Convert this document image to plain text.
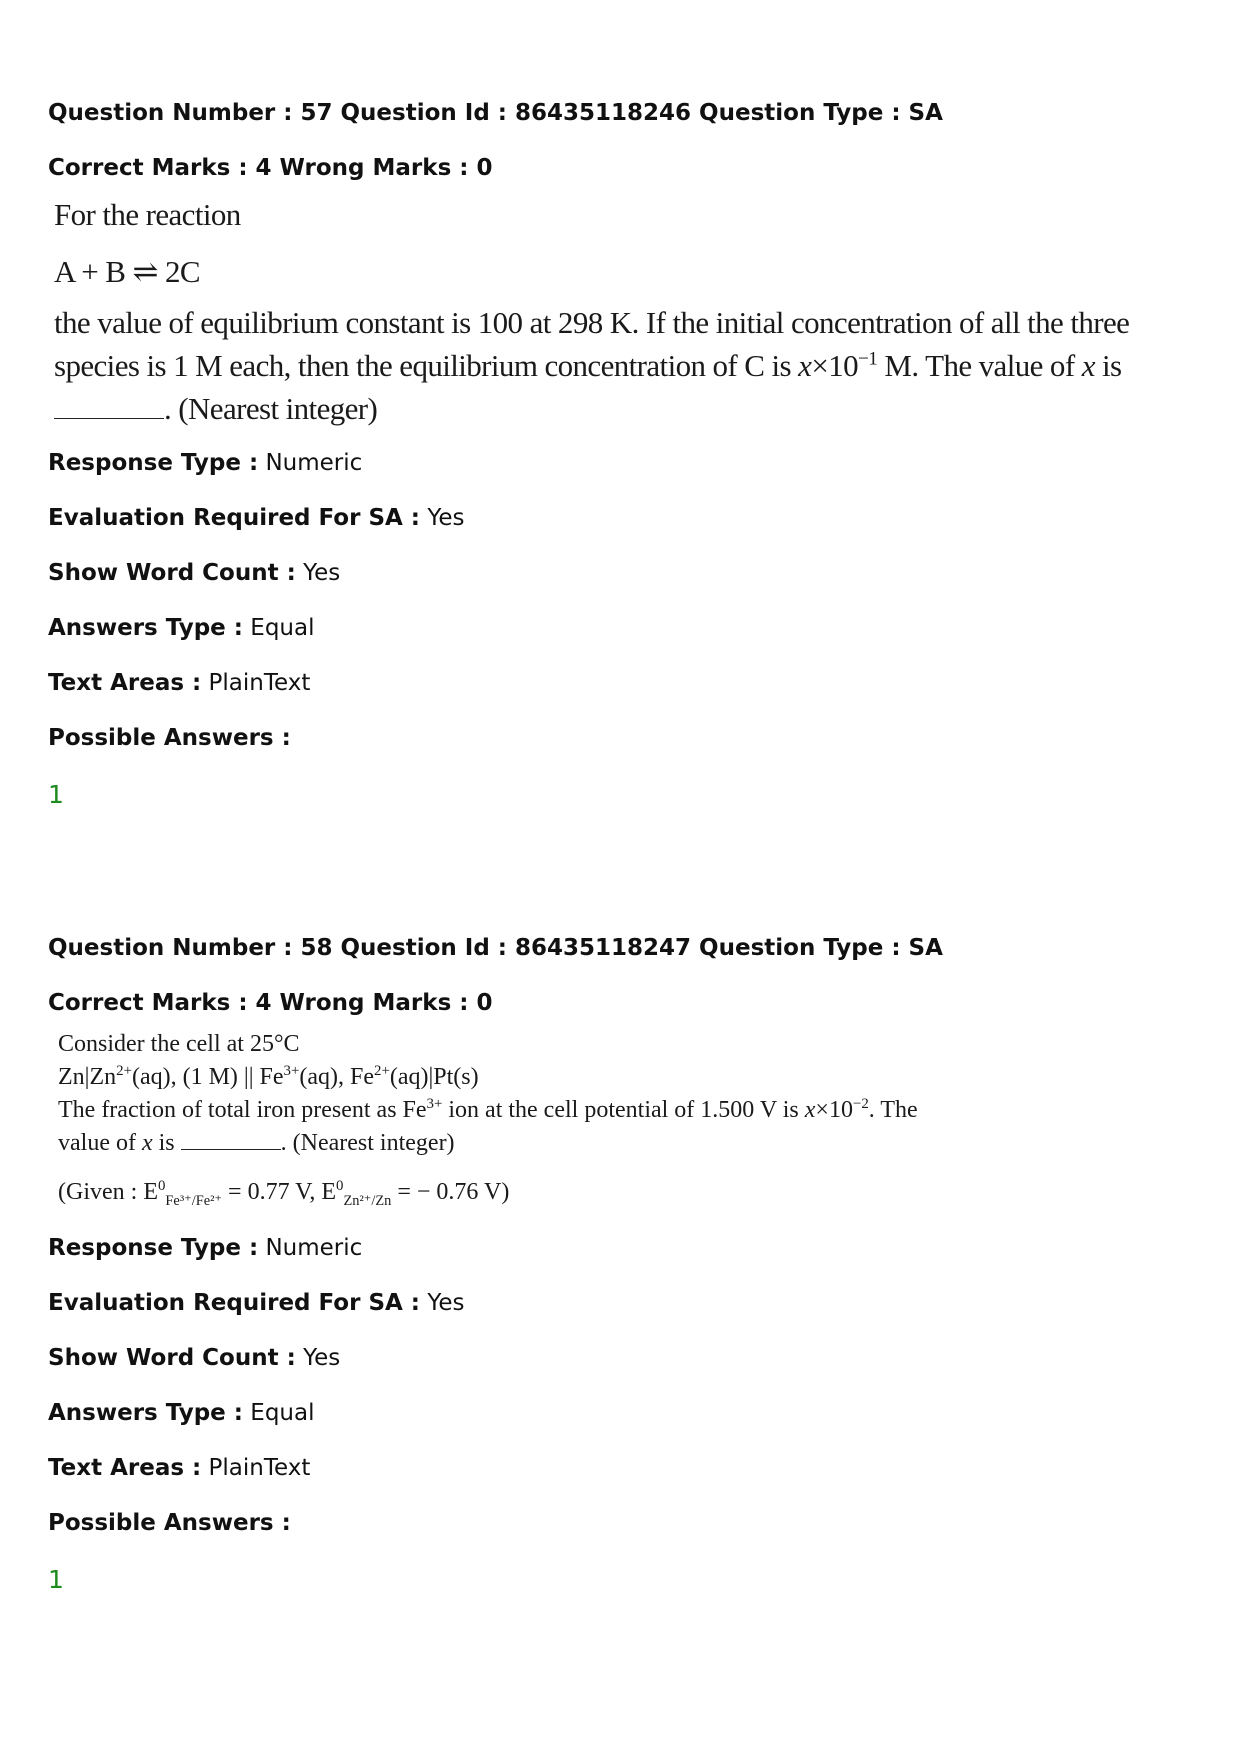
Question Number : 57 Question Id : 86435118246 Question Type : SA
Correct Marks : 4 Wrong Marks : 0
For the reaction
A + B ⇌ 2C
the value of equilibrium constant is 100 at 298 K. If the initial concentration of all the three
species is 1 M each, then the equilibrium concentration of C is $x\times 10^{-1}$ M. The value of x is
. (Nearest integer)
Response Type : Numeric
Evaluation Required For SA : Yes
Show Word Count : Yes
Answers Type : Equal
Text Areas : PlainText
Possible Answers :
1
Question Number : 58 Question Id : 86435118247 Question Type : SA
Correct Marks : 4 Wrong Marks : 0
Consider the cell at 25°C
$Zn|Zn^{2+}(aq)$, (1 M) || $Fe^{3+}(aq)$, $Fe^{2+}(aq)|Pt(s)$
The fraction of total iron present as $Fe^{3+}$ ion at the cell potential of 1.500 V is $x\times 10^{-2}$. The
value of x is	. (Nearest integer)
(Given : $E^0_{Fe^{3+}/Fe^{2+}} = 0.77$ V, $E^0_{Zn^{2+}/Zn}$ = − 0.76 V)
Response Type : Numeric
Evaluation Required For SA : Yes
Show Word Count : Yes
Answers Type : Equal
Text Areas : PlainText
Possible Answers :
1
